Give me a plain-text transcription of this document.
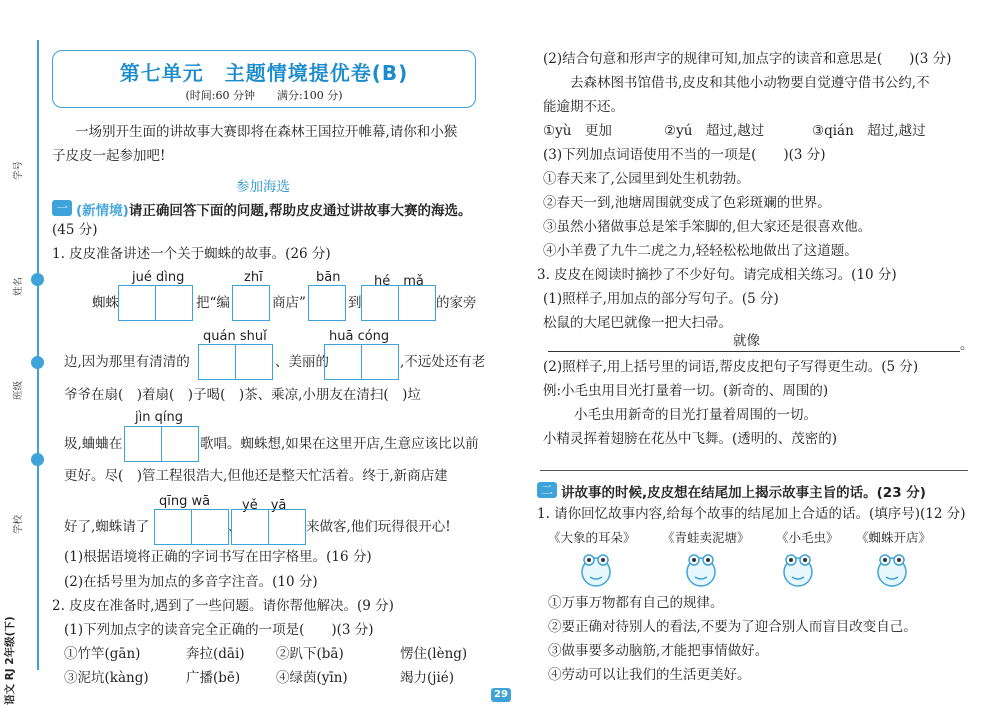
学号
姓名
班级
学校
语文 RJ 2年级(下)
第七单元　主题情境提优卷(B)
(时间:60 分钟　　满分:100 分)
一场别开生面的讲故事大赛即将在森林王国拉开帷幕,请你和小猴
子皮皮一起参加吧!
参加海选
一 (新情境)请正确回答下面的问题,帮助皮皮通过讲故事大赛的海选。
(45 分)
1. 皮皮准备讲述一个关于蜘蛛的故事。(26 分)
jué dìng	zhī	bān	hé　mǎ
蜘蛛	把“编	商店”	到	的家旁
quán shuǐ	huā cóng
边,因为那里有清清的	、美丽的	,不远处还有老
爷爷在扇(　)着扇(　)子喝(　)茶、乘凉,小朋友在清扫(　)垃
jìn qíng
圾,蛐蛐在	歌唱。蜘蛛想,如果在这里开店,生意应该比以前
更好。尽(　)管工程很浩大,但他还是整天忙活着。终于,新商店建
qīng wā yě　yā
好了,蜘蛛请了	、	来做客,他们玩得很开心!
(1)根据语境将正确的字词书写在田字格里。(16 分)
(2)在括号里为加点的多音字注音。(10 分)
2. 皮皮在准备时,遇到了一些问题。请你帮他解决。(9 分)
(1)下列加点字的读音完全正确的一项是(　　)(3 分)
①竹竿(gān)	奔拉(dāi) ②趴下(bā)	愣住(lèng)
③泥坑(kàng)	广播(bē)	④绿茵(yīn)	竭力(jié)
(2)结合句意和形声字的规律可知,加点字的读音和意思是(　　)(3 分)
去森林图书馆借书,皮皮和其他小动物要自觉遵守借书公约,不
能逾期不还。
①yù　更加	②yú　超过,越过	③qián　超过,越过
(3)下列加点词语使用不当的一项是(　　)(3 分)
①春天来了,公园里到处生机勃勃。
②春天一到,池塘周围就变成了色彩斑斓的世界。
③虽然小猪做事总是笨手笨脚的,但大家还是很喜欢他。
④小羊费了九牛二虎之力,轻轻松松地做出了这道题。
3. 皮皮在阅读时摘抄了不少好句。请完成相关练习。(10 分)
(1)照样子,用加点的部分写句子。(5 分)
松鼠的大尾巴就像一把大扫帚。
就像	。
(2)照样子,用上括号里的词语,帮皮皮把句子写得更生动。(5 分)
例:小毛虫用目光打量着一切。(新奇的、周围的)
小毛虫用新奇的目光打量着周围的一切。
小精灵挥着翅膀在花丛中飞舞。(透明的、茂密的)
二 讲故事的时候,皮皮想在结尾加上揭示故事主旨的话。(23 分)
1. 请你回忆故事内容,给每个故事的结尾加上合适的话。(填序号)(12 分)
《大象的耳朵》 《青蛙卖泥塘》 《小毛虫》 《蜘蛛开店》
①万事万物都有自己的规律。
②要正确对待别人的看法,不要为了迎合别人而盲目改变自己。
③做事要多动脑筋,才能把事情做好。
④劳动可以让我们的生活更美好。
29
